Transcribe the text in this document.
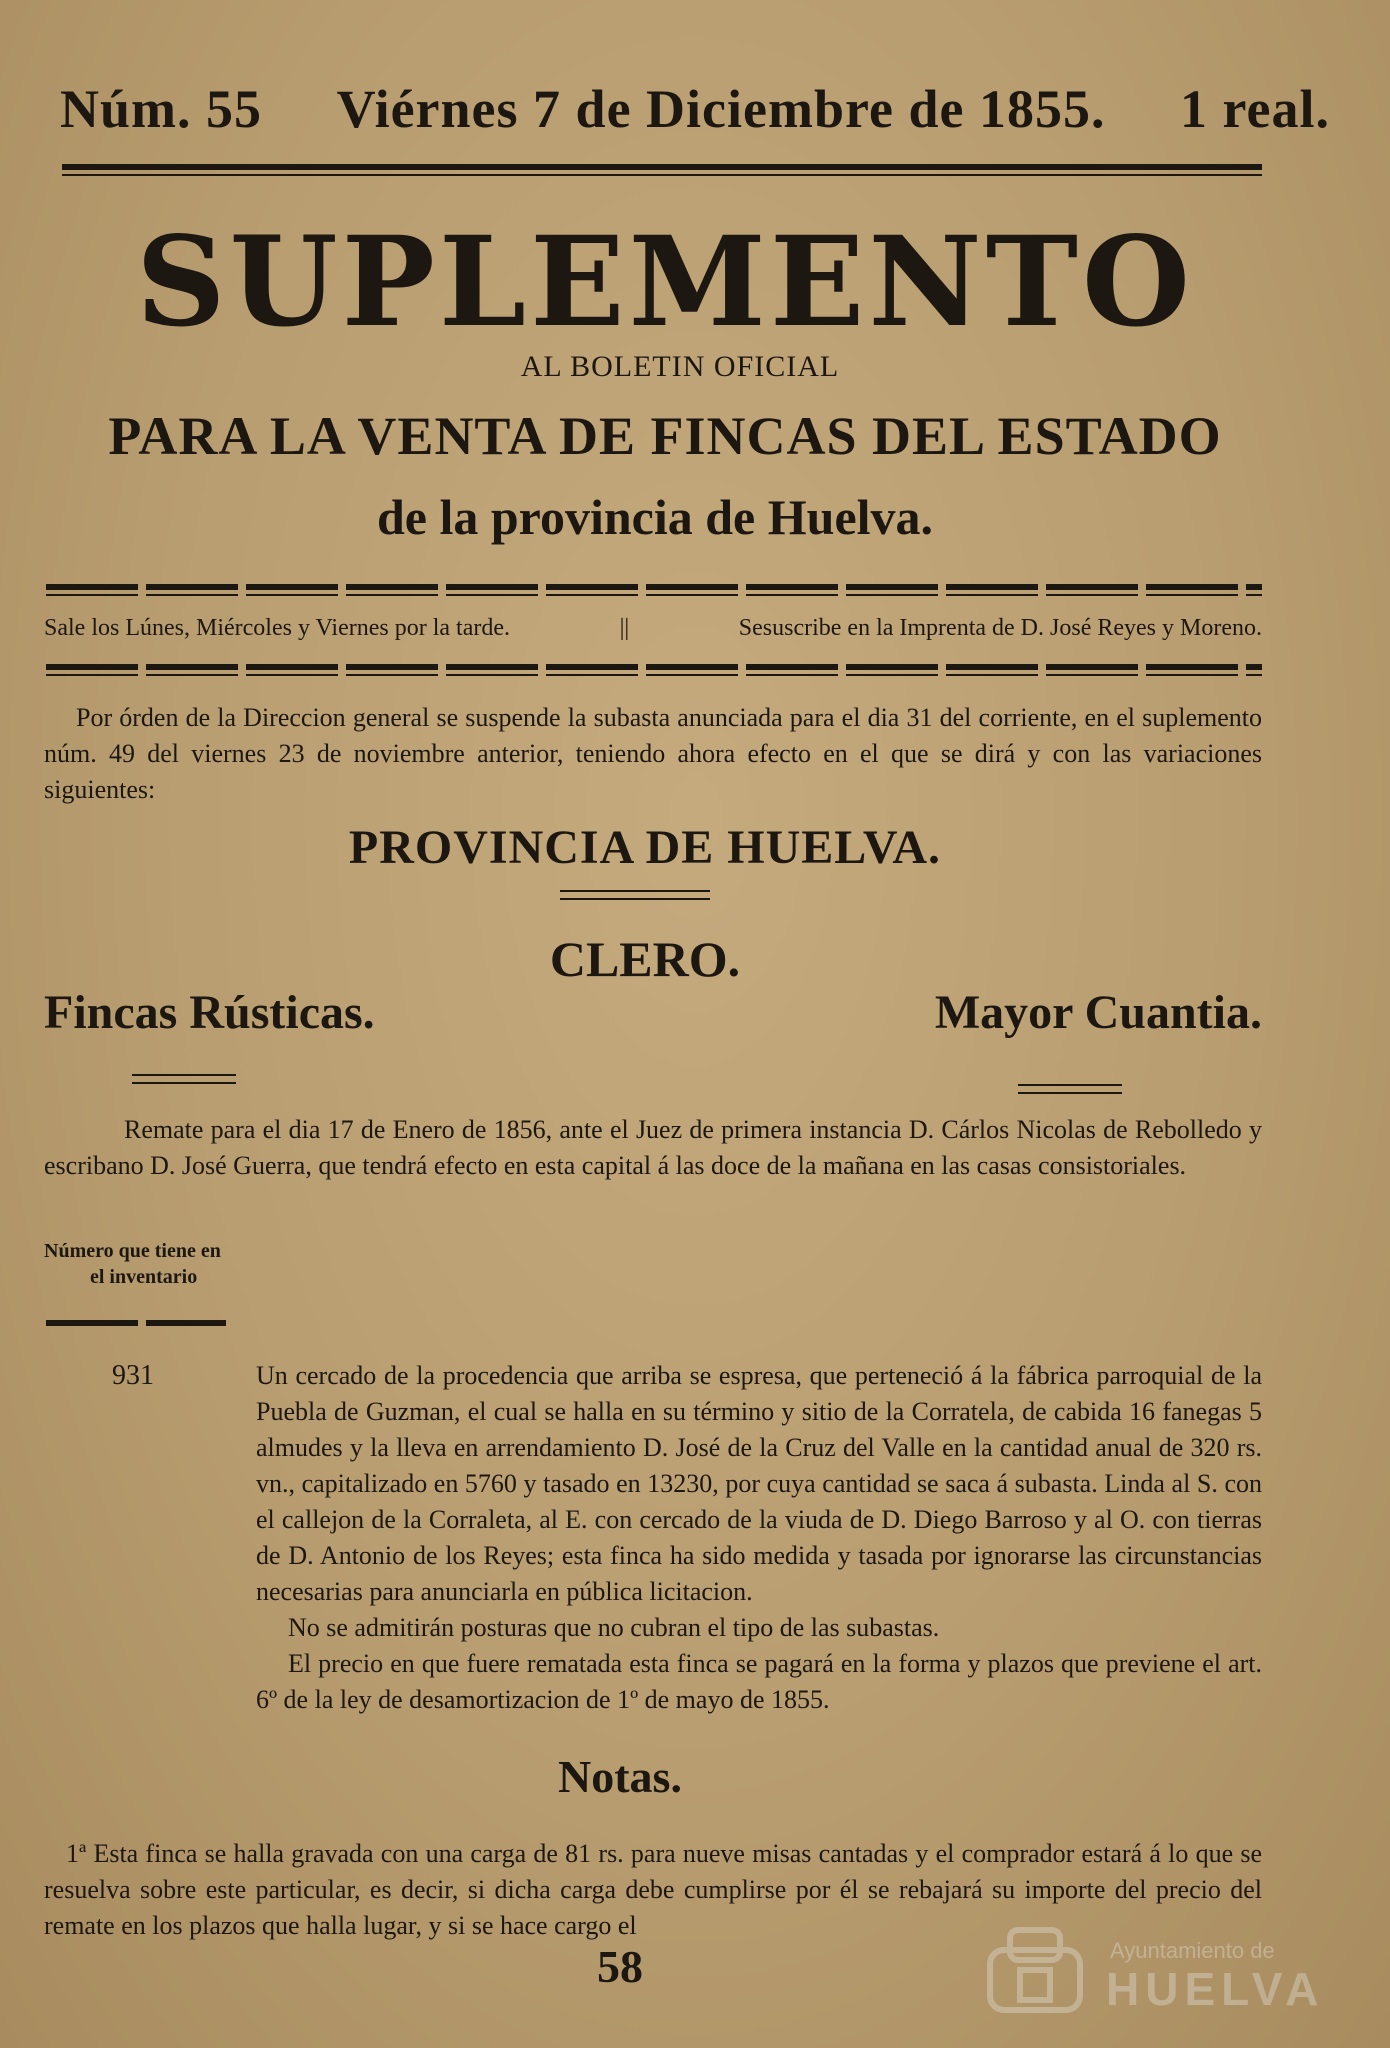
Núm. 55	Viérnes 7 de Diciembre de 1855.	1 real.
SUPLEMENTO
AL BOLETIN OFICIAL
PARA LA VENTA DE FINCAS DEL ESTADO
de la provincia de Huelva.
Sale los Lúnes, Miércoles y Viernes por la tarde.	||	Sesuscribe en la Imprenta de D. José Reyes y Moreno.

Por órden de la Direccion general se suspende la subasta anunciada para el dia 31 del corriente, en el suplemento núm. 49 del viernes 23 de noviembre anterior, teniendo ahora efecto en el que se dirá y con las variaciones siguientes:

PROVINCIA DE HUELVA.
CLERO.
Fincas Rústicas.	Mayor Cuantia.

Remate para el dia 17 de Enero de 1856, ante el Juez de primera instancia D. Cárlos Nicolas de Rebolledo y escribano D. José Guerra, que tendrá efecto en esta capital á las doce de la mañana en las casas consistoriales.

Número que tiene en
el inventario
931	Un cercado de la procedencia que arriba se espresa, que perteneció á la fábrica parroquial de la Puebla de Guzman, el cual se halla en su término y sitio de la Corratela, de cabida 16 fanegas 5 almudes y la lleva en arrendamiento D. José de la Cruz del Valle en la cantidad anual de 320 rs. vn., capitalizado en 5760 y tasado en 13230, por cuya cantidad se saca á subasta. Linda al S. con el callejon de la Corraleta, al E. con cercado de la viuda de D. Diego Barroso y al O. con tierras de D. Antonio de los Reyes; esta finca ha sido medida y tasada por ignorarse las circunstancias necesarias para anunciarla en pública licitacion.

No se admitirán posturas que no cubran el tipo de las subastas.

El precio en que fuere rematada esta finca se pagará en la forma y plazos que previene el art. 6º de la ley de desamortizacion de 1º de mayo de 1855.

Notas.

1ª Esta finca se halla gravada con una carga de 81 rs. para nueve misas cantadas y el comprador estará á lo que se resuelva sobre este particular, es decir, si dicha carga debe cumplirse por él se rebajará su importe del precio del remate en los plazos que halla lugar, y si se hace cargo el

58	Ayuntamiento de
HUELVA
